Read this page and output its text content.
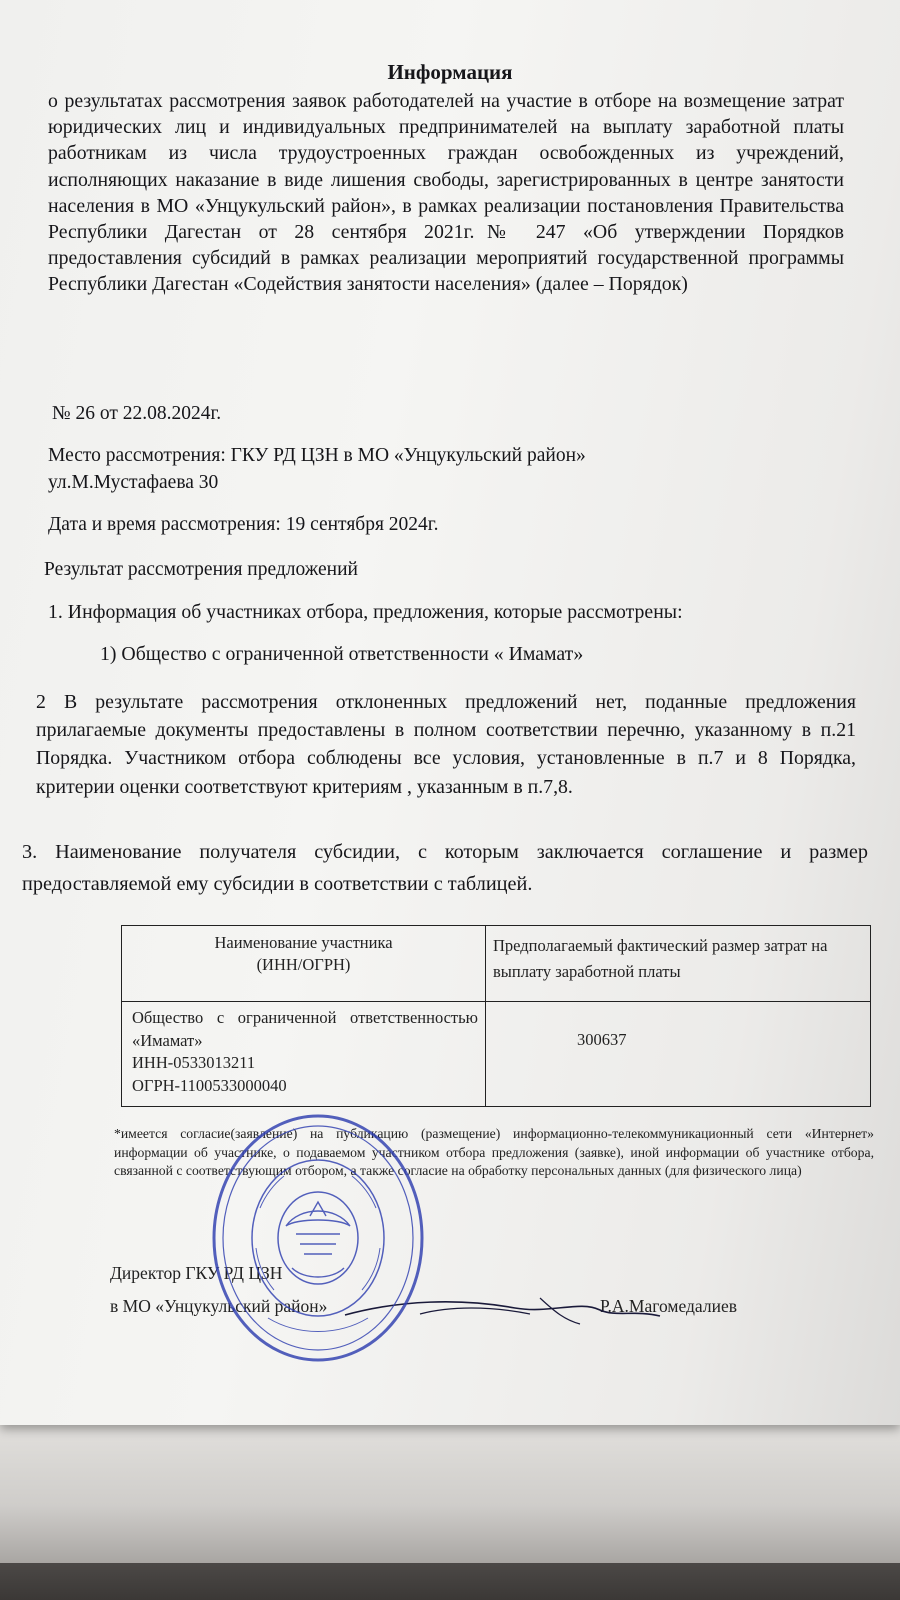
Информация
о результатах рассмотрения заявок работодателей на участие в отборе на возмещение затрат юридических лиц и индивидуальных предпринимателей на выплату заработной платы работникам из числа трудоустроенных граждан освобожденных из учреждений, исполняющих наказание в виде лишения свободы, зарегистрированных в центре занятости населения в МО «Унцукульский район», в рамках реализации постановления Правительства Республики Дагестан от 28 сентября 2021г.№ 247 «Об утверждении Порядков предоставления субсидий в рамках реализации мероприятий государственной программы Республики Дагестан «Содействия занятости населения» (далее – Порядок)
№ 26 от 22.08.2024г.
Место рассмотрения: ГКУ РД ЦЗН в МО «Унцукульский район»
ул.М.Мустафаева 30
Дата и время рассмотрения: 19 сентября 2024г.
Результат рассмотрения предложений
1. Информация об участниках отбора, предложения, которые рассмотрены:
1) Общество с ограниченной ответственности « Имамат»
2 В результате рассмотрения отклоненных предложений нет, поданные предложения прилагаемые документы предоставлены в полном соответствии перечню, указанному в п.21 Порядка. Участником отбора соблюдены все условия, установленные в п.7 и 8 Порядка, критерии оценки соответствуют критериям , указанным в п.7,8.
3. Наименование получателя субсидии, с которым заключается соглашение и размер предоставляемой ему субсидии в соответствии с таблицей.
Наименование участника
(ИНН/ОГРН)
Предполагаемый фактический размер затрат на выплату заработной платы
Общество с ограниченной ответственностью «Имамат»
ИНН-0533013211
ОГРН-1100533000040
300637
*имеется согласие(заявление) на публикацию (размещение) информационно-телекоммуникационный сети «Интернет» информации об участнике, о подаваемом участником отбора предложения (заявке), иной информации об участнике отбора, связанной с соответствующим отбором, а также согласие на обработку персональных данных (для физического лица)
Директор ГКУ РД ЦЗН
в МО «Унцукульский район»	Р.А.Магомедалиев
